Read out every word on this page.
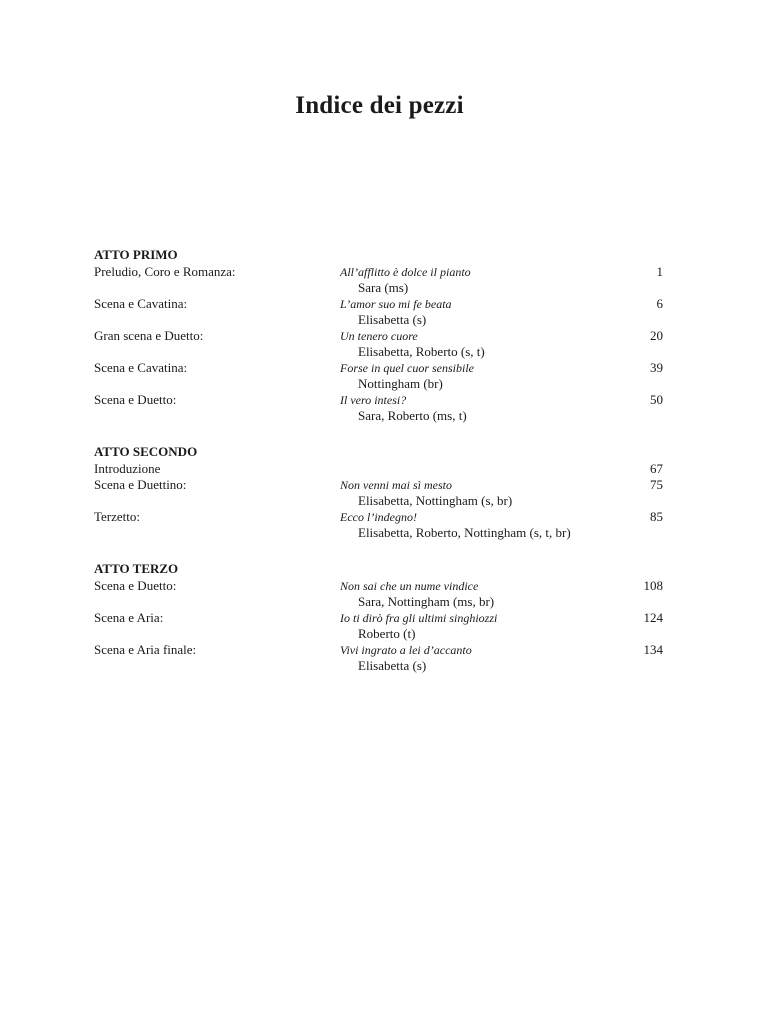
Indice dei pezzi
ATTO PRIMO
Preludio, Coro e Romanza:	All’afflitto è dolce il pianto	1
Sara (ms)
Scena e Cavatina:	L’amor suo mi fe beata	6
Elisabetta (s)
Gran scena e Duetto:	Un tenero cuore	20
Elisabetta, Roberto (s, t)
Scena e Cavatina:	Forse in quel cuor sensibile	39
Nottingham (br)
Scena e Duetto:	Il vero intesi?	50
Sara, Roberto (ms, t)
ATTO SECONDO
Introduzione	67
Scena e Duettino:	Non venni mai sì mesto	75
Elisabetta, Nottingham (s, br)
Terzetto:	Ecco l’indegno!	85
Elisabetta, Roberto, Nottingham (s, t, br)
ATTO TERZO
Scena e Duetto:	Non sai che un nume vindice	108
Sara, Nottingham (ms, br)
Scena e Aria:	Io ti dirò fra gli ultimi singhiozzi	124
Roberto (t)
Scena e Aria finale:	Vivi ingrato a lei d’accanto	134
Elisabetta (s)
